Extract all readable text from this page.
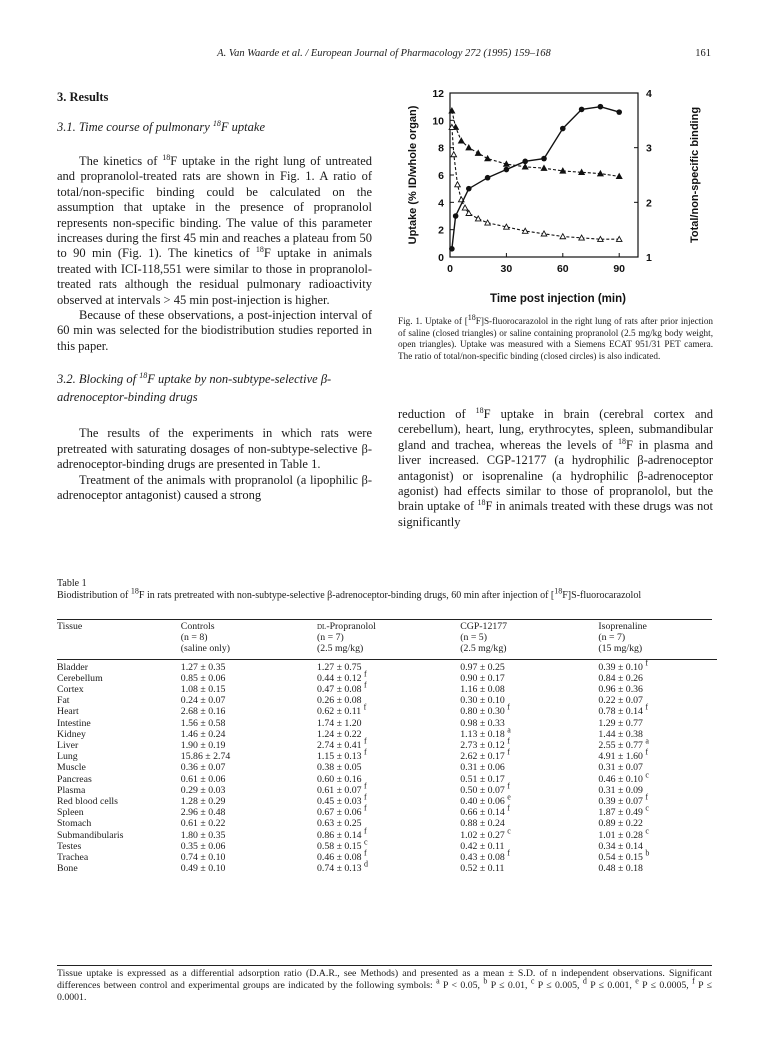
A. Van Waarde et al. / European Journal of Pharmacology 272 (1995) 159–168	161
3. Results
3.1. Time course of pulmonary $^{18}$F uptake

The kinetics of $^{18}$F uptake in the right lung of untreated and propranolol-treated rats are shown in Fig. 1. A ratio of total/non-specific binding could be calculated on the assumption that uptake in the presence of propranolol represents non-specific binding. The value of this parameter increases during the first 45 min and reaches a plateau from 50 to 90 min (Fig. 1). The kinetics of $^{18}$F uptake in animals treated with ICI-118,551 were similar to those in propranolol-treated rats although the residual pulmonary radioactivity observed at intervals > 45 min post-injection is higher.

Because of these observations, a post-injection interval of 60 min was selected for the biodistribution studies reported in this paper.

3.2. Blocking of $^{18}$F uptake by non-subtype-selective β-adrenoceptor-binding drugs

The results of the experiments in which rats were pretreated with saturating dosages of non-subtype-selective β-adrenoceptor-binding drugs are presented in Table 1.

Treatment of the animals with propranolol (a lipophilic β-adrenoceptor antagonist) caused a strong

0
2
4
6
8
10
12
1
2
3
4
0	30	60	90
Time post injection (min)
Uptake (% ID/whole organ)	Total/non-specific binding

Fig. 1. Uptake of [$^{18}$F]S-fluorocarazolol in the right lung of rats after prior injection of saline (closed triangles) or saline containing propranolol (2.5 mg/kg body weight, open triangles). Uptake was measured with a Siemens ECAT 951/31 PET camera. The ratio of total/non-specific binding (closed circles) is also indicated.

reduction of $^{18}$F uptake in brain (cerebral cortex and cerebellum), heart, lung, erythrocytes, spleen, submandibular gland and trachea, whereas the levels of $^{18}$F in plasma and liver increased. CGP-12177 (a hydrophilic β-adrenoceptor antagonist) or isoprenaline (a hydrophilic β-adrenoceptor agonist) had effects similar to those of propranolol, but the brain uptake of $^{18}$F in animals treated with these drugs was not significantly

Table 1
Biodistribution of $^{18}$F in rats pretreated with non-subtype-selective β-adrenoceptor-binding drugs, 60 min after injection of [$^{18}$F]S-fluorocarazolol
Tissue	Controls	dl-Propranolol	CGP-12177	Isoprenaline
	(n = 8)	(n = 7)	(n = 5)	(n = 7)
	(saline only)	(2.5 mg/kg)	(2.5 mg/kg)	(15 mg/kg)

Bladder	1.27 ± 0.35	1.27 ± 0.75	0.97 ± 0.25	0.39 ± 0.10 $^f$
Cerebellum	0.85 ± 0.06	0.44 ± 0.12 $^f$	0.90 ± 0.17	0.84 ± 0.26
Cortex	1.08 ± 0.15	0.47 ± 0.08 $^f$	1.16 ± 0.08	0.96 ± 0.36
Fat	0.24 ± 0.07	0.26 ± 0.08	0.30 ± 0.10	0.22 ± 0.07
Heart	2.68 ± 0.16	0.62 ± 0.11 $^f$	0.80 ± 0.30 $^f$	0.78 ± 0.14 $^f$
Intestine	1.56 ± 0.58	1.74 ± 1.20	0.98 ± 0.33	1.29 ± 0.77
Kidney	1.46 ± 0.24	1.24 ± 0.22	1.13 ± 0.18 $^a$	1.44 ± 0.38
Liver	1.90 ± 0.19	2.74 ± 0.41 $^f$	2.73 ± 0.12 $^f$	2.55 ± 0.77 $^a$
Lung	15.86 ± 2.74	1.15 ± 0.13 $^f$	2.62 ± 0.17 $^f$	4.91 ± 1.60 $^f$
Muscle	0.36 ± 0.07	0.38 ± 0.05	0.31 ± 0.06	0.31 ± 0.07
Pancreas	0.61 ± 0.06	0.60 ± 0.16	0.51 ± 0.17	0.46 ± 0.10 $^c$
Plasma	0.29 ± 0.03	0.61 ± 0.07 $^f$	0.50 ± 0.07 $^f$	0.31 ± 0.09
Red blood cells	1.28 ± 0.29	0.45 ± 0.03 $^f$	0.40 ± 0.06 $^e$	0.39 ± 0.07 $^f$
Spleen	2.96 ± 0.48	0.67 ± 0.06 $^f$	0.66 ± 0.14 $^f$	1.87 ± 0.49 $^c$
Stomach	0.61 ± 0.22	0.63 ± 0.25	0.88 ± 0.24	0.89 ± 0.22
Submandibularis	1.80 ± 0.35	0.86 ± 0.14 $^f$	1.02 ± 0.27 $^c$	1.01 ± 0.28 $^c$
Testes	0.35 ± 0.06	0.58 ± 0.15 $^c$	0.42 ± 0.11	0.34 ± 0.14
Trachea	0.74 ± 0.10	0.46 ± 0.08 $^f$	0.43 ± 0.08 $^f$	0.54 ± 0.15 $^b$
Bone	0.49 ± 0.10	0.74 ± 0.13 $^d$	0.52 ± 0.11	0.48 ± 0.18

Tissue uptake is expressed as a differential adsorption ratio (D.A.R., see Methods) and presented as a mean ± S.D. of n independent observations. Significant differences between control and experimental groups are indicated by the following symbols: $^a$ P < 0.05, $^b$ P ≤ 0.01, $^c$ P ≤ 0.005, $^d$ P ≤ 0.001, $^e$ P ≤ 0.0005, $^f$ P ≤ 0.0001.
